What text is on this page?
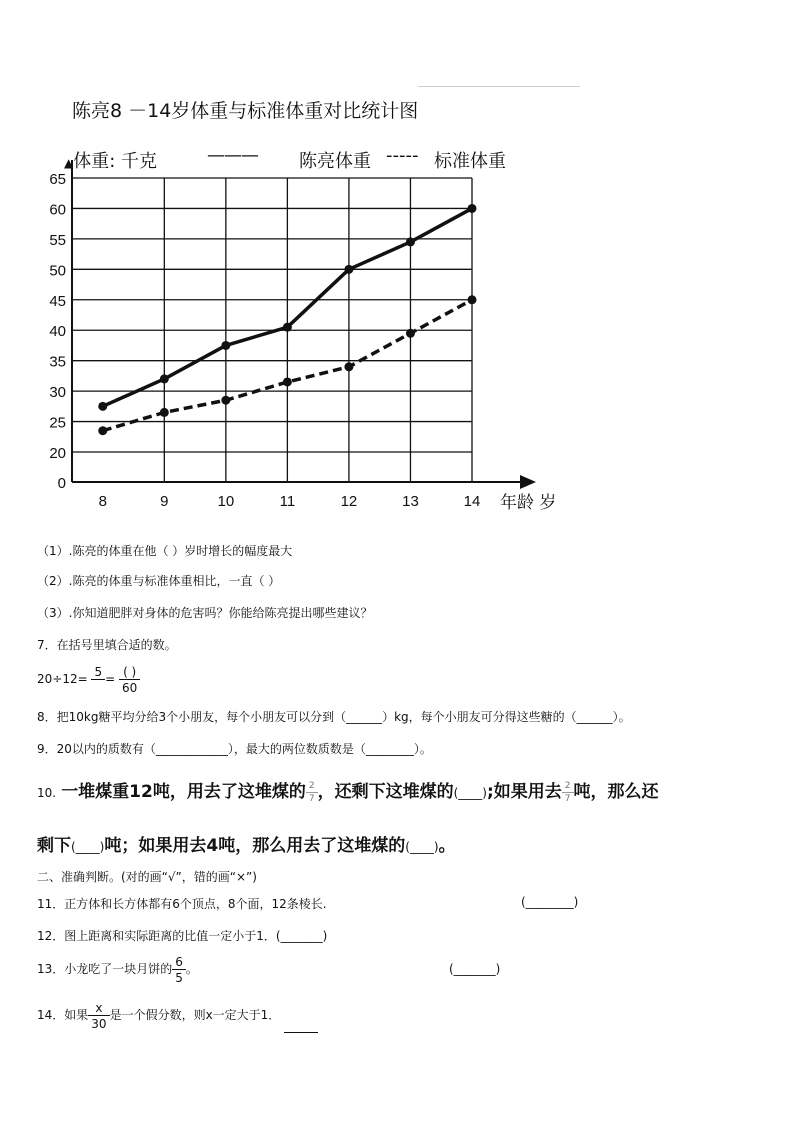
陈亮8 －14岁体重与标准体重对比统计图
0
20
25
30
35
40
45
50
55
60
65
8	9	10	11	12	13	14
▲体重: 千克	——— 陈亮体重 ----- 标准体重
年龄 岁
（1）.陈亮的体重在他（ ）岁时增长的幅度最大
（2）.陈亮的体重与标准体重相比，一直（ ）
（3）.你知道肥胖对身体的危害吗？你能给陈亮提出哪些建议？
7．在括号里填合适的数。
20÷12=
5

= $\frac{( )}{60}$
8．把10kg糖平均分给3个小朋友，每个小朋友可以分到（______）kg，每个小朋友可分得这些糖的（______）。
9．20以内的质数有（____________），最大的两位数质数是（________）。
10. 一堆煤重12吨，用去了这堆煤的 $\frac{2}{7}$ ，还剩下这堆煤的(____);如果用去 $\frac{2}{7}$ 吨，那么还
剩下(____)吨；如果用去4吨，那么用去了这堆煤的(____)。
二、准确判断。(对的画“√”，错的画“×”)
11．正方体和长方体都有6个顶点，8个面，12条棱长.	(________)
12．图上距离和实际距离的比值一定小于1．(_______)
13．小龙吃了一块月饼的 $\frac{6}{5}$ 。	(_______)
14．如果 $\frac{x}{30}$ 是一个假分数，则x一定大于1．
